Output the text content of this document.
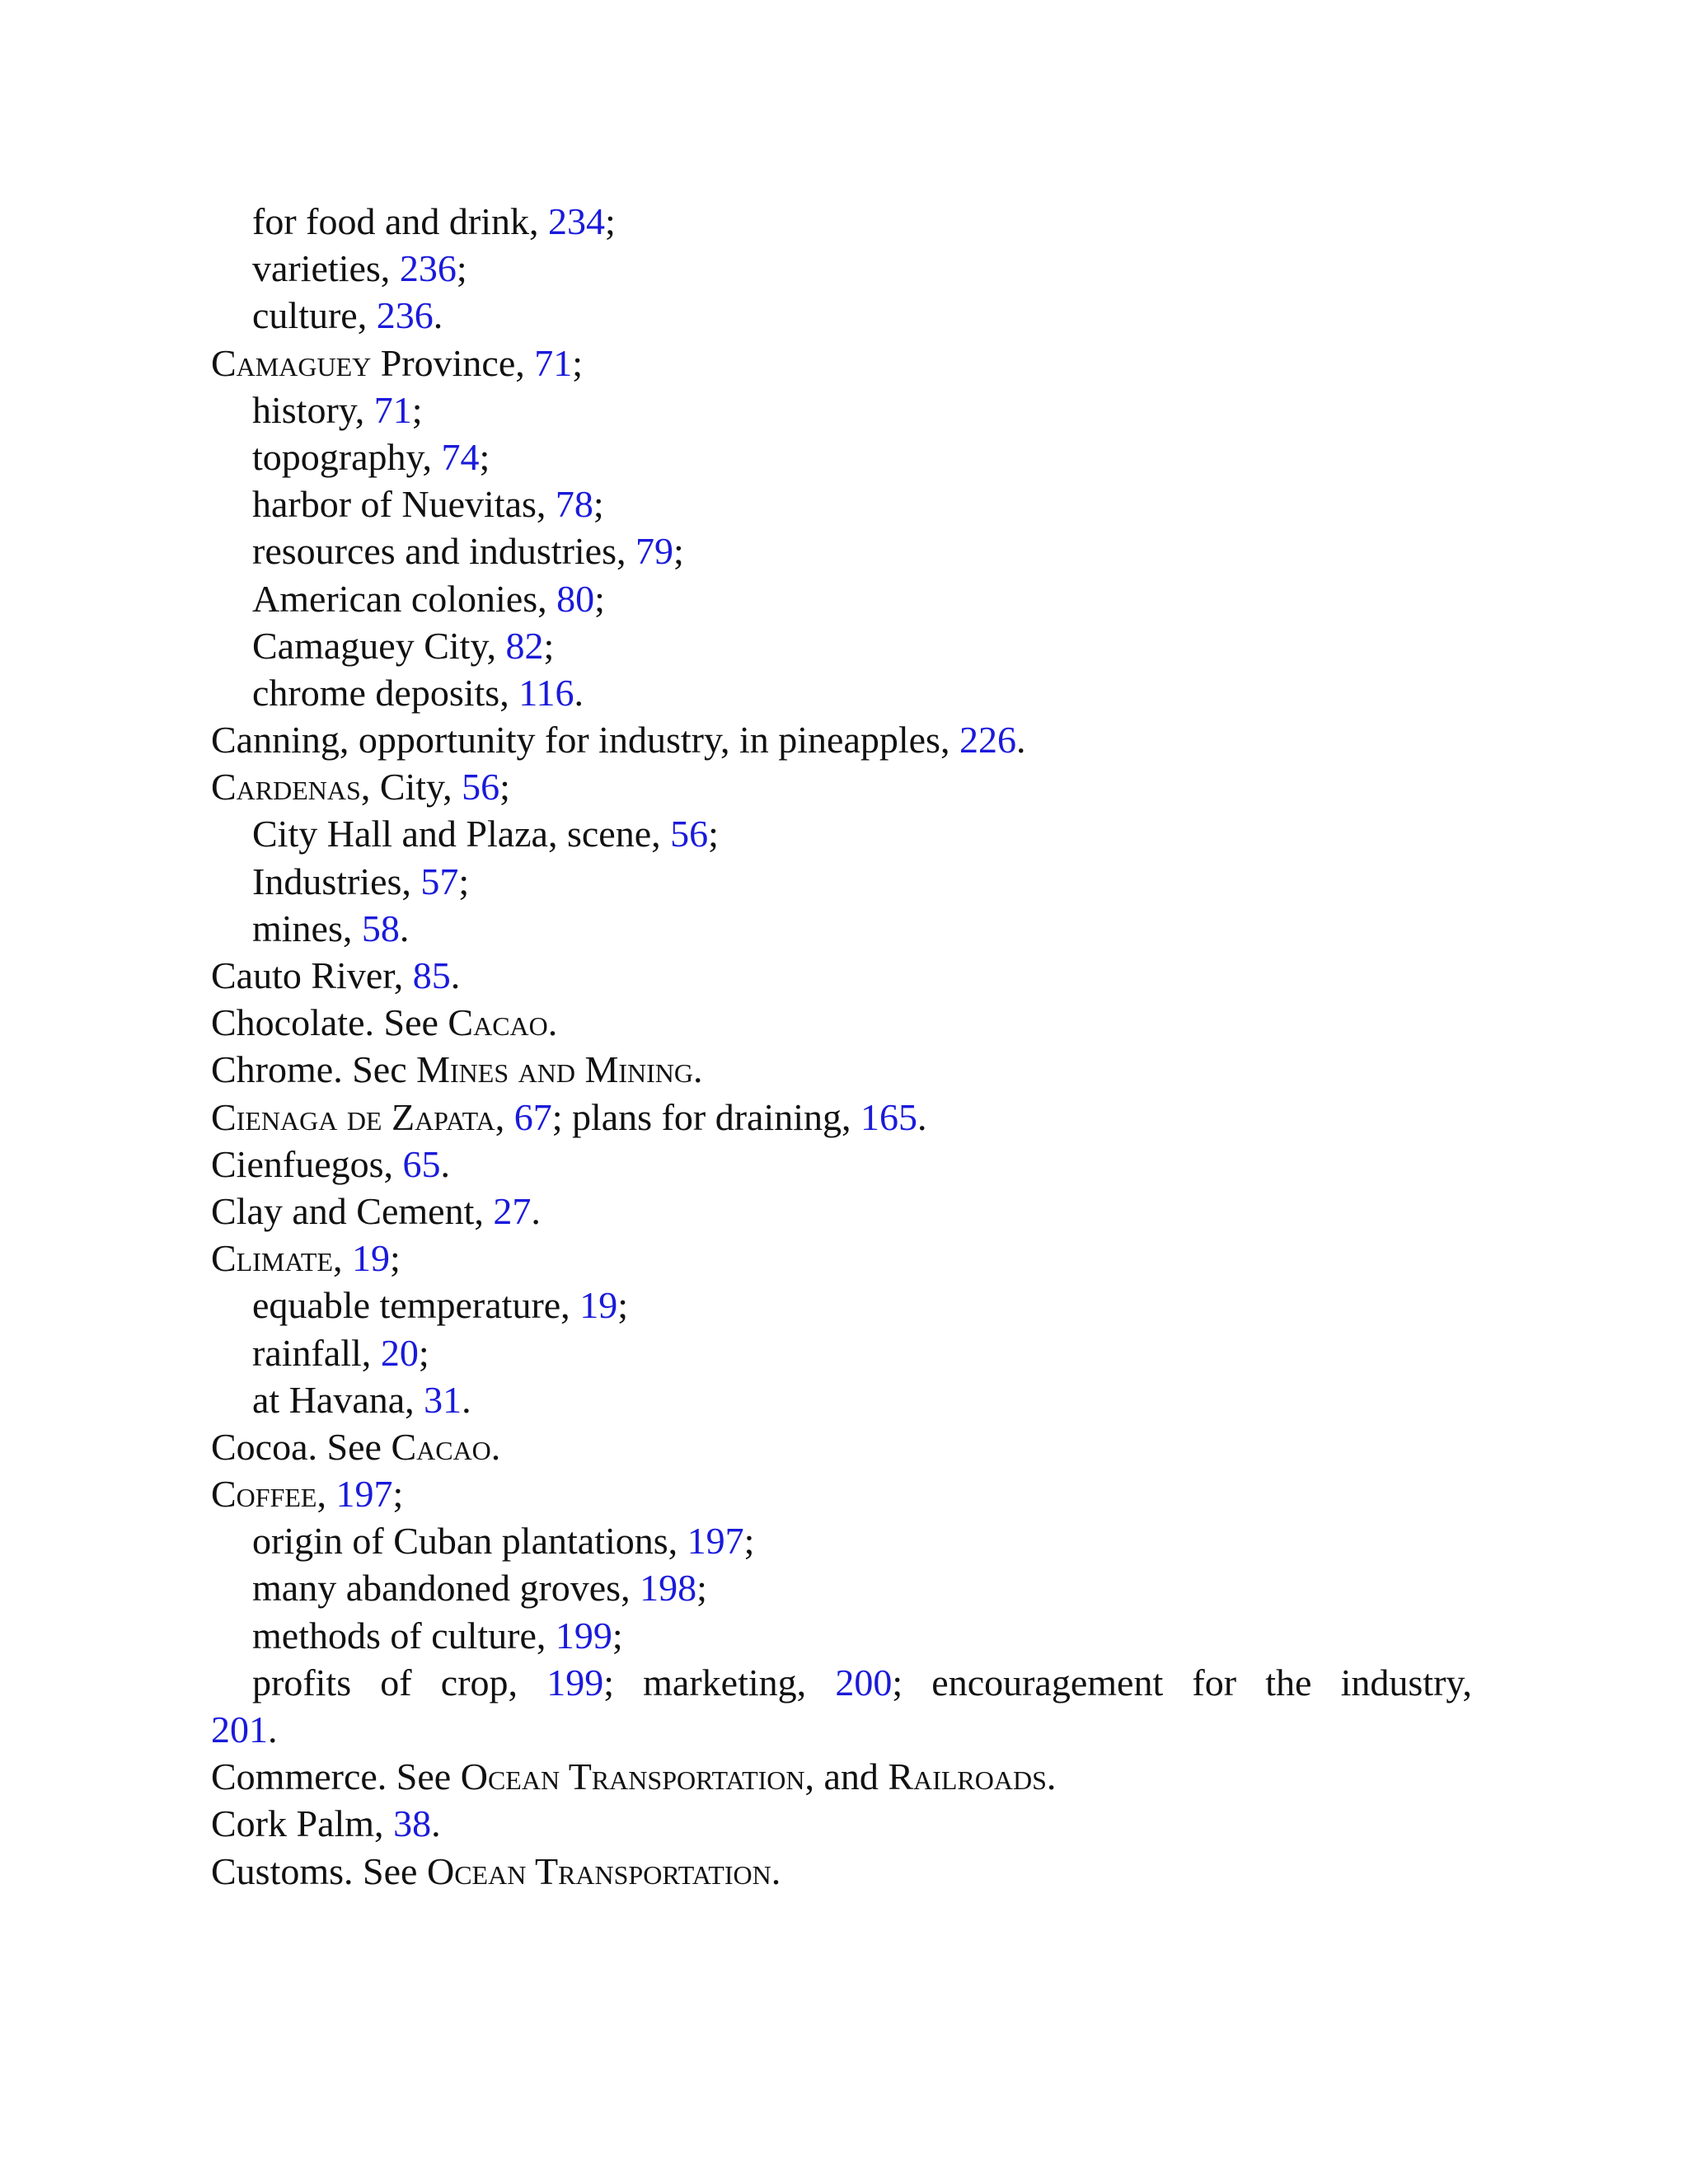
for food and drink, 234;
varieties, 236;
culture, 236.
Camaguey Province, 71;
history, 71;
topography, 74;
harbor of Nuevitas, 78;
resources and industries, 79;
American colonies, 80;
Camaguey City, 82;
chrome deposits, 116.
Canning, opportunity for industry, in pineapples, 226.
Cardenas, City, 56;
City Hall and Plaza, scene, 56;
Industries, 57;
mines, 58.
Cauto River, 85.
Chocolate. See Cacao.
Chrome. Sec Mines and Mining.
Cienaga de Zapata, 67; plans for draining, 165.
Cienfuegos, 65.
Clay and Cement, 27.
Climate, 19;
equable temperature, 19;
rainfall, 20;
at Havana, 31.
Cocoa. See Cacao.
Coffee, 197;
origin of Cuban plantations, 197;
many abandoned groves, 198;
methods of culture, 199;
profits of crop, 199; marketing, 200; encouragement for the industry,
201.
Commerce. See Ocean Transportation, and Railroads.
Cork Palm, 38.
Customs. See Ocean Transportation.
